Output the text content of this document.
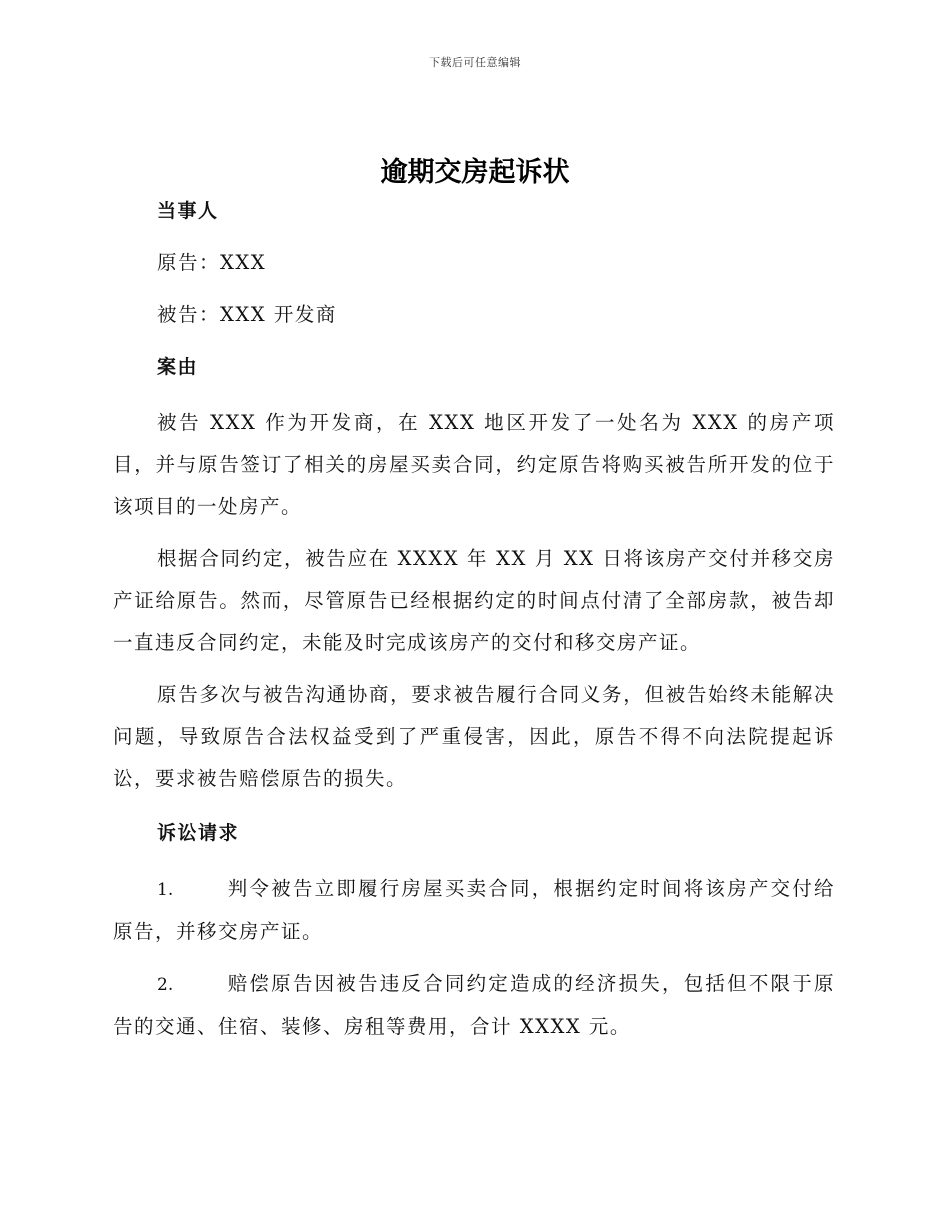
下载后可任意编辑
逾期交房起诉状
当事人
原告：XXX
被告：XXX 开发商
案由

被告 XXX 作为开发商，在 XXX 地区开发了一处名为 XXX 的房产项目，并与原告签订了相关的房屋买卖合同，约定原告将购买被告所开发的位于该项目的一处房产。

根据合同约定，被告应在 XXXX 年 XX 月 XX 日将该房产交付并移交房产证给原告。然而，尽管原告已经根据约定的时间点付清了全部房款，被告却一直违反合同约定，未能及时完成该房产的交付和移交房产证。

原告多次与被告沟通协商，要求被告履行合同义务，但被告始终未能解决问题，导致原告合法权益受到了严重侵害，因此，原告不得不向法院提起诉讼，要求被告赔偿原告的损失。

诉讼请求

1.	判令被告立即履行房屋买卖合同，根据约定时间将该房产交付给原告，并移交房产证。

2.	赔偿原告因被告违反合同约定造成的经济损失，包括但不限于原告的交通、住宿、装修、房租等费用，合计 XXXX 元。
